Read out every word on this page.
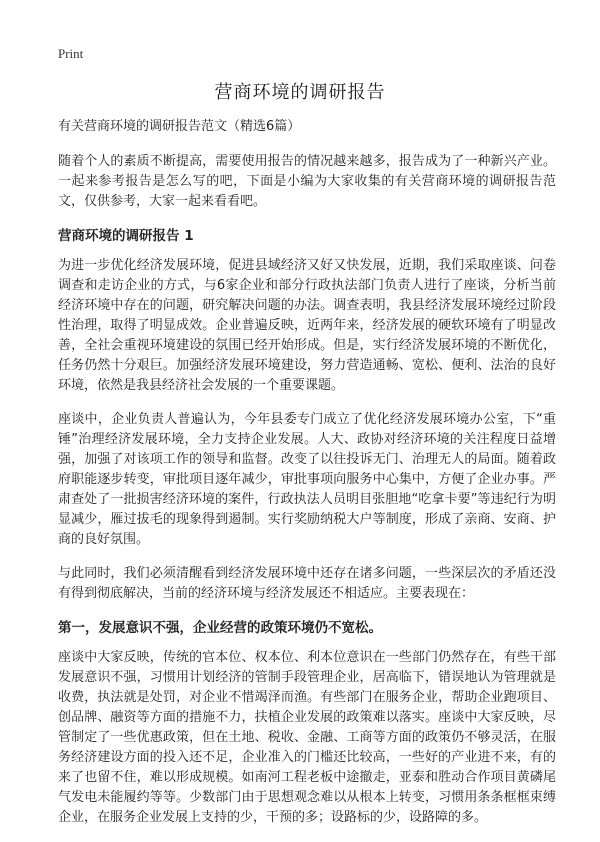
Print
营商环境的调研报告
有关营商环境的调研报告范文（精选6篇）

随着个人的素质不断提高，需要使用报告的情况越来越多，报告成为了一种新兴产业。一起来参考报告是怎么写的吧，下面是小编为大家收集的有关营商环境的调研报告范文，仅供参考，大家一起来看看吧。

营商环境的调研报告 1

为进一步优化经济发展环境，促进县域经济又好又快发展，近期，我们采取座谈、问卷调查和走访企业的方式，与6家企业和部分行政执法部门负责人进行了座谈，分析当前经济环境中存在的问题，研究解决问题的办法。调查表明，我县经济发展环境经过阶段性治理，取得了明显成效。企业普遍反映，近两年来，经济发展的硬软环境有了明显改善，全社会重视环境建设的氛围已经开始形成。但是，实行经济发展环境的不断优化，任务仍然十分艰巨。加强经济发展环境建设，努力营造通畅、宽松、便利、法治的良好环境，依然是我县经济社会发展的一个重要课题。

座谈中，企业负责人普遍认为，今年县委专门成立了优化经济发展环境办公室，下“重锤”治理经济发展环境，全力支持企业发展。人大、政协对经济环境的关注程度日益增强，加强了对该项工作的领导和监督。改变了以往投诉无门、治理无人的局面。随着政府职能逐步转变，审批项目逐年减少，审批事项向服务中心集中，方便了企业办事。严肃查处了一批损害经济环境的案件，行政执法人员明目张胆地“吃拿卡要”等违纪行为明显减少，雁过拔毛的现象得到遏制。实行奖励纳税大户等制度，形成了亲商、安商、护商的良好氛围。

与此同时，我们必须清醒看到经济发展环境中还存在诸多问题，一些深层次的矛盾还没有得到彻底解决，当前的经济环境与经济发展还不相适应。主要表现在：

第一，发展意识不强，企业经营的政策环境仍不宽松。

座谈中大家反映，传统的官本位、权本位、利本位意识在一些部门仍然存在，有些干部发展意识不强，习惯用计划经济的管制手段管理企业，居高临下，错误地认为管理就是收费，执法就是处罚，对企业不惜竭泽而渔。有些部门在服务企业，帮助企业跑项目、创品牌、融资等方面的措施不力，扶植企业发展的政策难以落实。座谈中大家反映，尽管制定了一些优惠政策，但在土地、税收、金融、工商等方面的政策仍不够灵活，在服务经济建设方面的投入还不足，企业准入的门槛还比较高，一些好的产业进不来，有的来了也留不住，难以形成规模。如南河工程老板中途撤走，亚泰和胜动合作项目黄磷尾气发电未能履约等等。少数部门由于思想观念难以从根本上转变，习惯用条条框框束缚企业，在服务企业发展上支持的少，干预的多；设路标的少，设路障的多。
